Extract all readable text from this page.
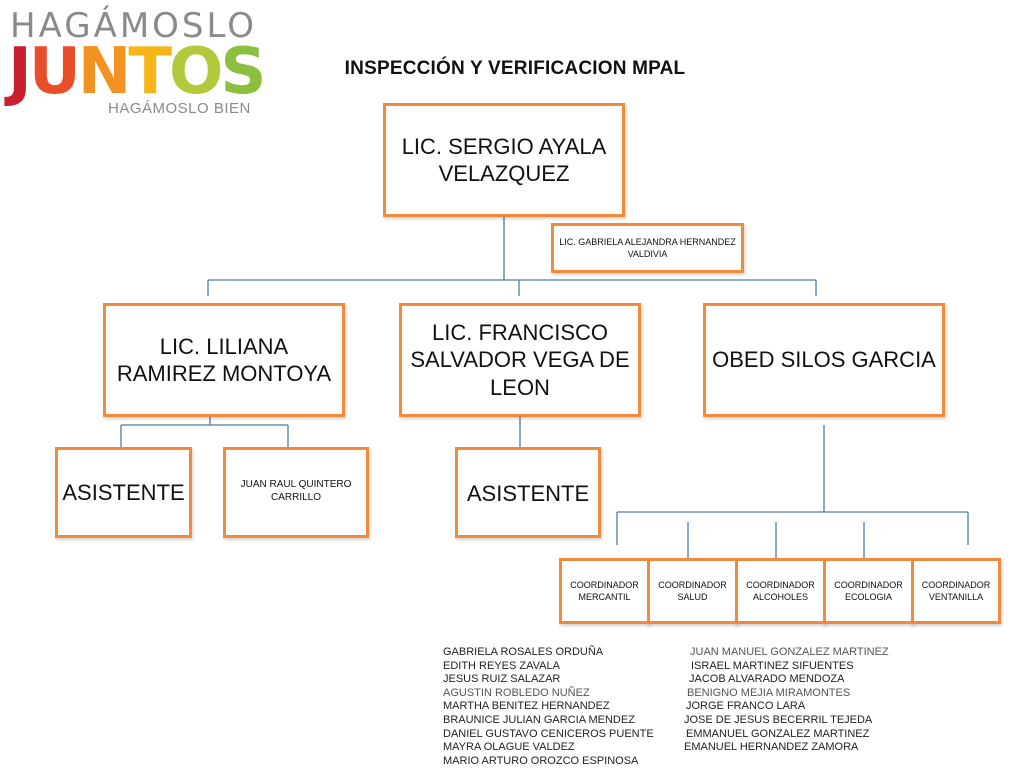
HAGÁMOSLO
JUNTOS
HAGÁMOSLO BIEN
INSPECCIÓN Y VERIFICACION MPAL
LIC. SERGIO AYALA VELAZQUEZ
LIC. GABRIELA ALEJANDRA HERNANDEZ VALDIVIA
LIC. LILIANA RAMIREZ MONTOYA
LIC. FRANCISCO SALVADOR VEGA DE LEON
OBED SILOS GARCIA
ASISTENTE	JUAN RAUL QUINTERO CARRILLO	ASISTENTE
COORDINADOR MERCANTIL
COORDINADOR SALUD
COORDINADOR ALCOHOLES
COORDINADOR ECOLOGIA
COORDINADOR VENTANILLA
GABRIELA ROSALES ORDUÑA
EDITH REYES ZAVALA
JESUS RUIZ SALAZAR
AGUSTIN ROBLEDO NUÑEZ
MARTHA BENITEZ HERNANDEZ
BRAUNICE JULIAN GARCIA MENDEZ
DANIEL GUSTAVO CENICEROS PUENTE
MAYRA OLAGUE VALDEZ
MARIO ARTURO OROZCO ESPINOSA
JUAN MANUEL GONZALEZ MARTINEZ
ISRAEL MARTINEZ SIFUENTES
JACOB ALVARADO MENDOZA
BENIGNO MEJIA MIRAMONTES
JORGE FRANCO LARA
JOSE DE JESUS BECERRIL TEJEDA
EMMANUEL GONZALEZ MARTINEZ
EMANUEL HERNANDEZ ZAMORA
